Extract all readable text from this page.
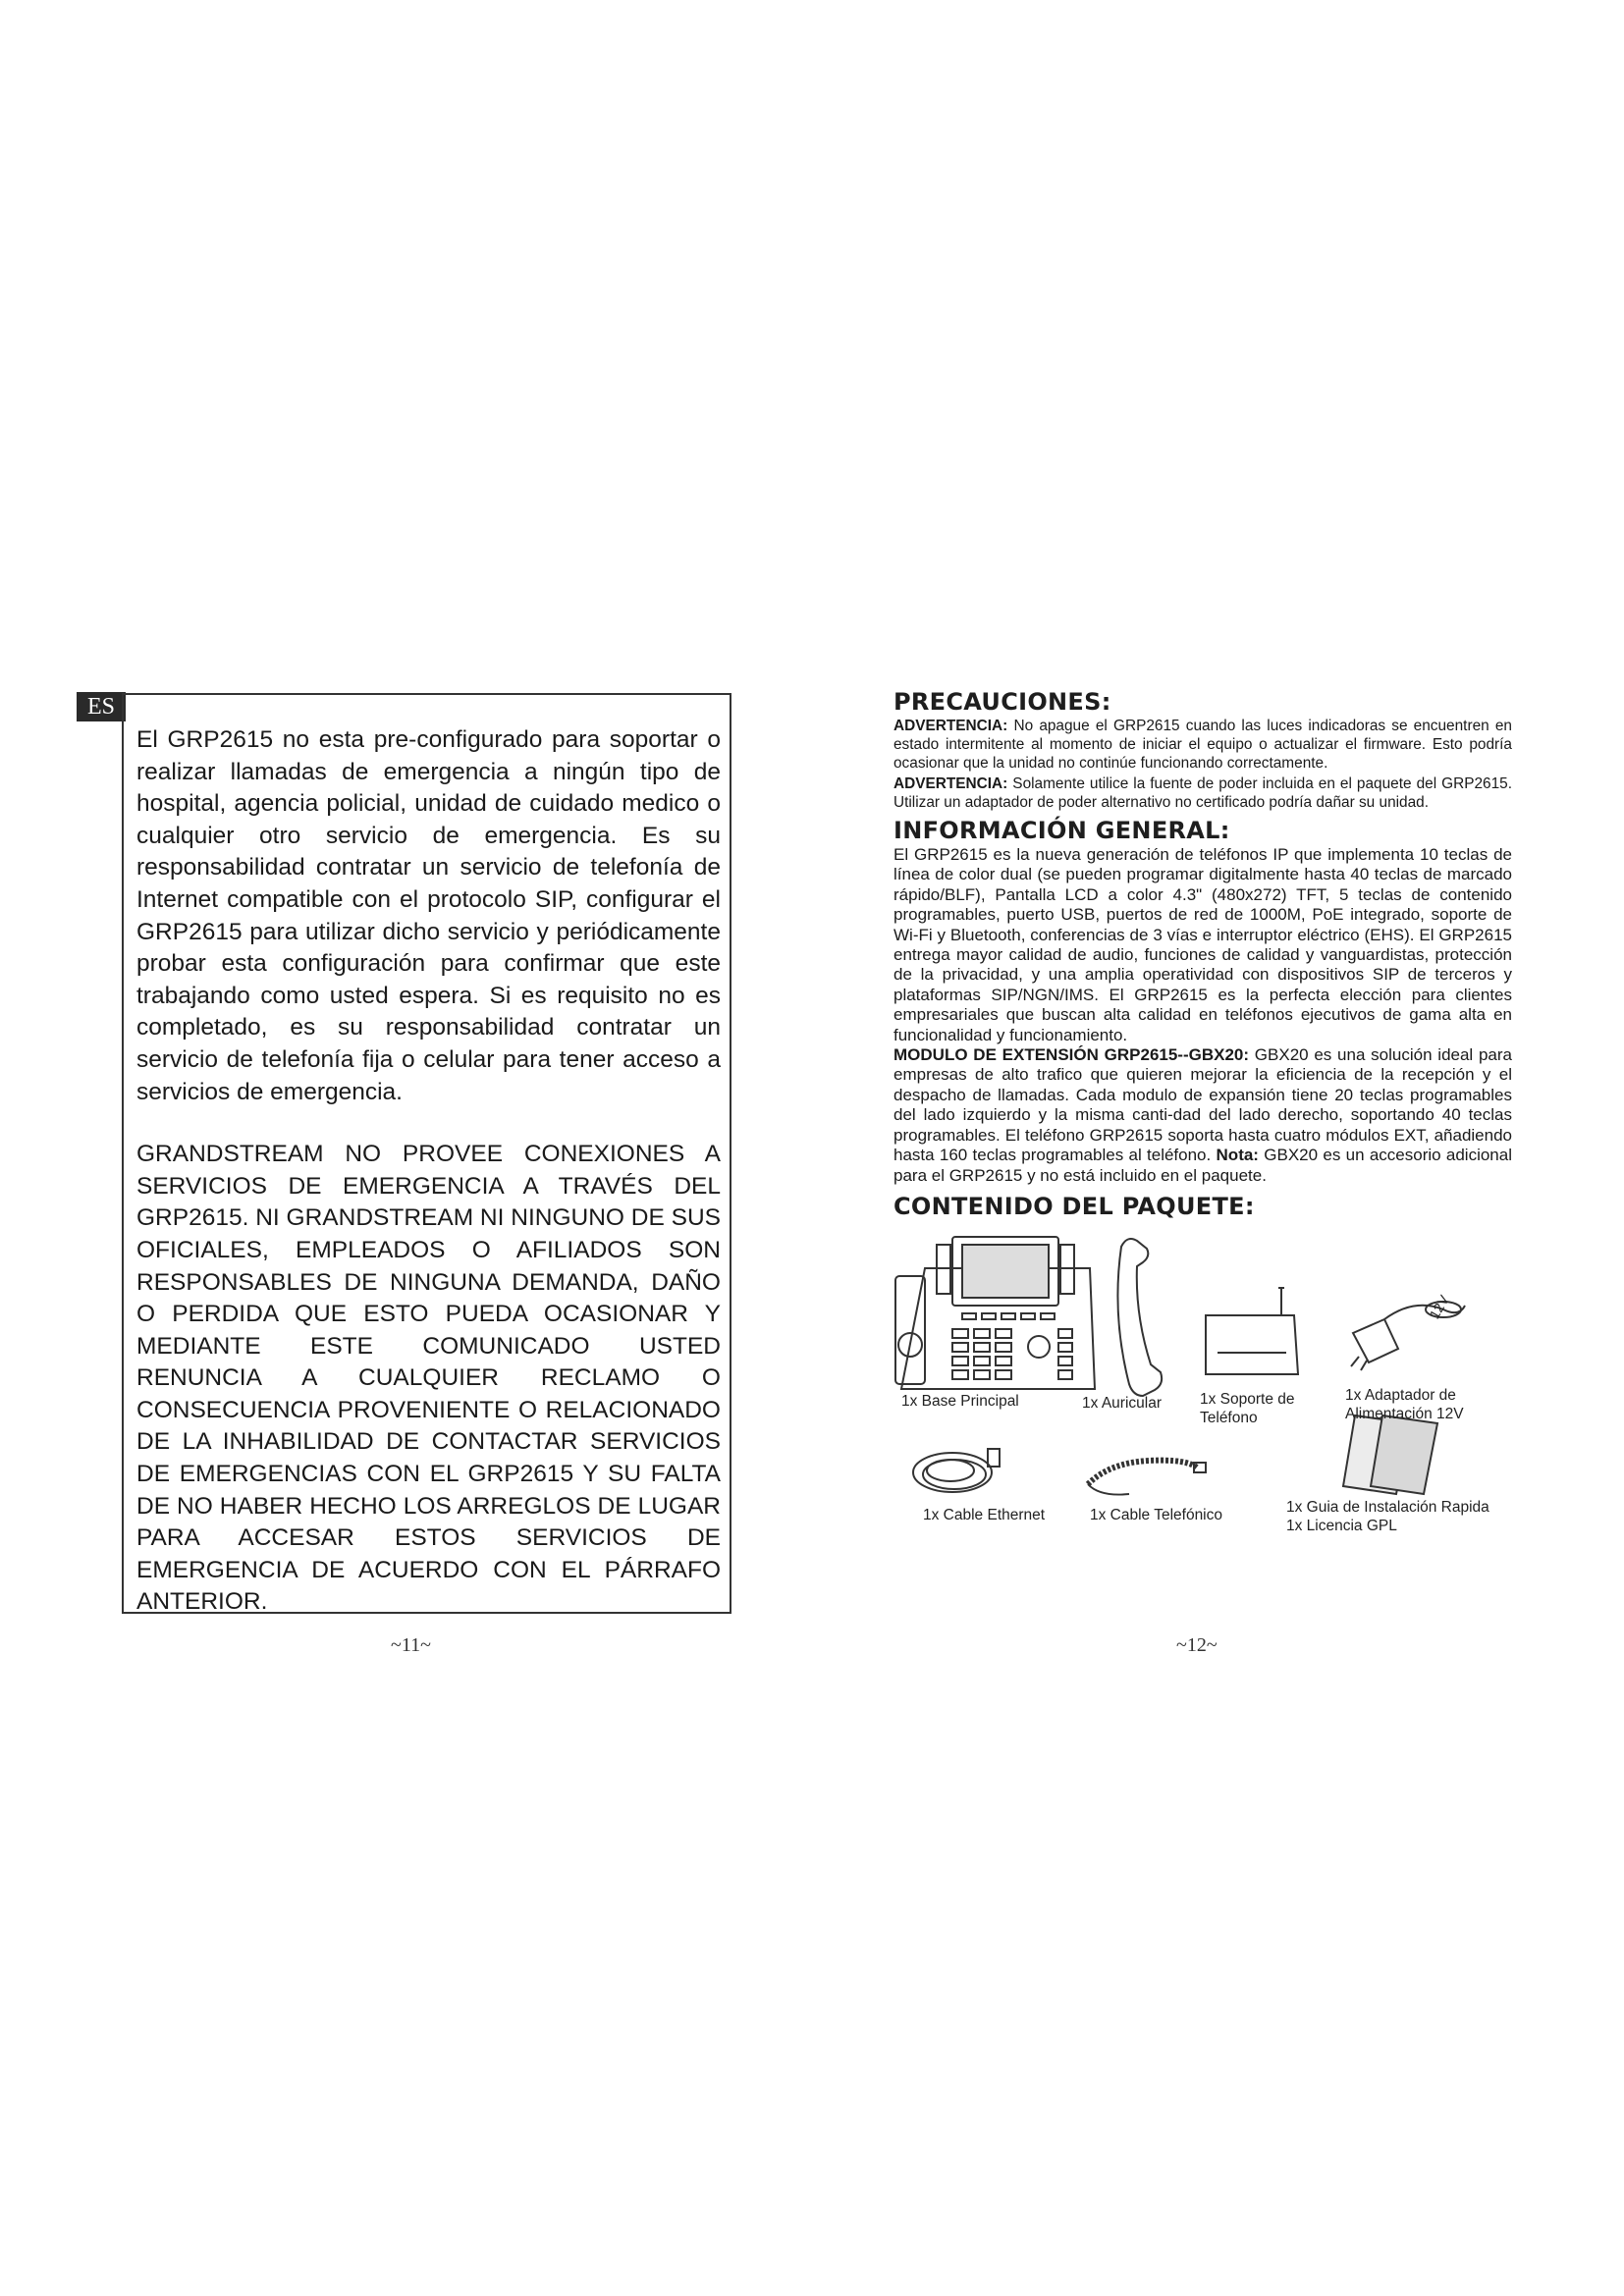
ES

El GRP2615 no esta pre-configurado para soportar o realizar llamadas de emergencia a ningún tipo de hospital, agencia policial, unidad de cuidado medico o cualquier otro servicio de emergencia. Es su responsabilidad contratar un servicio de telefonía de Internet compatible con el protocolo SIP, configurar el GRP2615 para utilizar dicho servicio y periódicamente probar esta configuración para confirmar que este trabajando como usted espera. Si es requisito no es completado, es su responsabilidad contratar un servicio de telefonía fija o celular para tener acceso a servicios de emergencia.

GRANDSTREAM NO PROVEE CONEXIONES A SERVICIOS DE EMERGENCIA A TRAVÉS DEL GRP2615. NI GRANDSTREAM NI NINGUNO DE SUS OFICIALES, EMPLEADOS O AFILIADOS SON RESPONSABLES DE NINGUNA DEMANDA, DAÑO O PERDIDA QUE ESTO PUEDA OCASIONAR Y MEDIANTE ESTE COMUNICADO USTED RENUNCIA A CUALQUIER RECLAMO O CONSECUENCIA PROVENIENTE O RELACIONADO DE LA INHABILIDAD DE CONTACTAR SERVICIOS DE EMERGENCIAS CON EL GRP2615 Y SU FALTA DE NO HABER HECHO LOS ARREGLOS DE LUGAR PARA ACCESAR ESTOS SERVICIOS DE EMERGENCIA DE ACUERDO CON EL PÁRRAFO ANTERIOR.

~11~
PRECAUCIONES:

ADVERTENCIA: No apague el GRP2615 cuando las luces indicadoras se encuentren en estado intermitente al momento de iniciar el equipo o actualizar el firmware. Esto podría ocasionar que la unidad no continúe funcionando correctamente.

ADVERTENCIA: Solamente utilice la fuente de poder incluida en el paquete del GRP2615. Utilizar un adaptador de poder alternativo no certificado podría dañar su unidad.

INFORMACIÓN GENERAL:

El GRP2615 es la nueva generación de teléfonos IP que implementa 10 teclas de línea de color dual (se pueden programar digitalmente hasta 40 teclas de marcado rápido/BLF), Pantalla LCD a color 4.3" (480x272) TFT, 5 teclas de contenido programables, puerto USB, puertos de red de 1000M, PoE integrado, soporte de Wi-Fi y Bluetooth, conferencias de 3 vías e interruptor eléctrico (EHS). El GRP2615 entrega mayor calidad de audio, funciones de calidad y vanguardistas, protección de la privacidad, y una amplia operatividad con dispositivos SIP de terceros y plataformas SIP/NGN/IMS. El GRP2615 es la perfecta elección para clientes empresariales que buscan alta calidad en teléfonos ejecutivos de gama alta en funcionalidad y funcionamiento.

MODULO DE EXTENSIÓN GRP2615--GBX20: GBX20 es una solución ideal para empresas de alto trafico que quieren mejorar la eficiencia de la recepción y el despacho de llamadas. Cada modulo de expansión tiene 20 teclas programables del lado izquierdo y la misma canti-dad del lado derecho, soportando 40 teclas programables. El teléfono GRP2615 soporta hasta cuatro módulos EXT, añadiendo hasta 160 teclas programables al teléfono. Nota: GBX20 es un accesorio adicional para el GRP2615 y no está incluido en el paquete.

CONTENIDO DEL PAQUETE:
12V
1x Base Principal	1x Auricular	1x Soporte de Teléfono
1x Adaptador de Alimentación 12V
1x Cable Ethernet	1x Cable Telefónico	1x Guia de Instalación Rapida
1x Licencia GPL
~12~
